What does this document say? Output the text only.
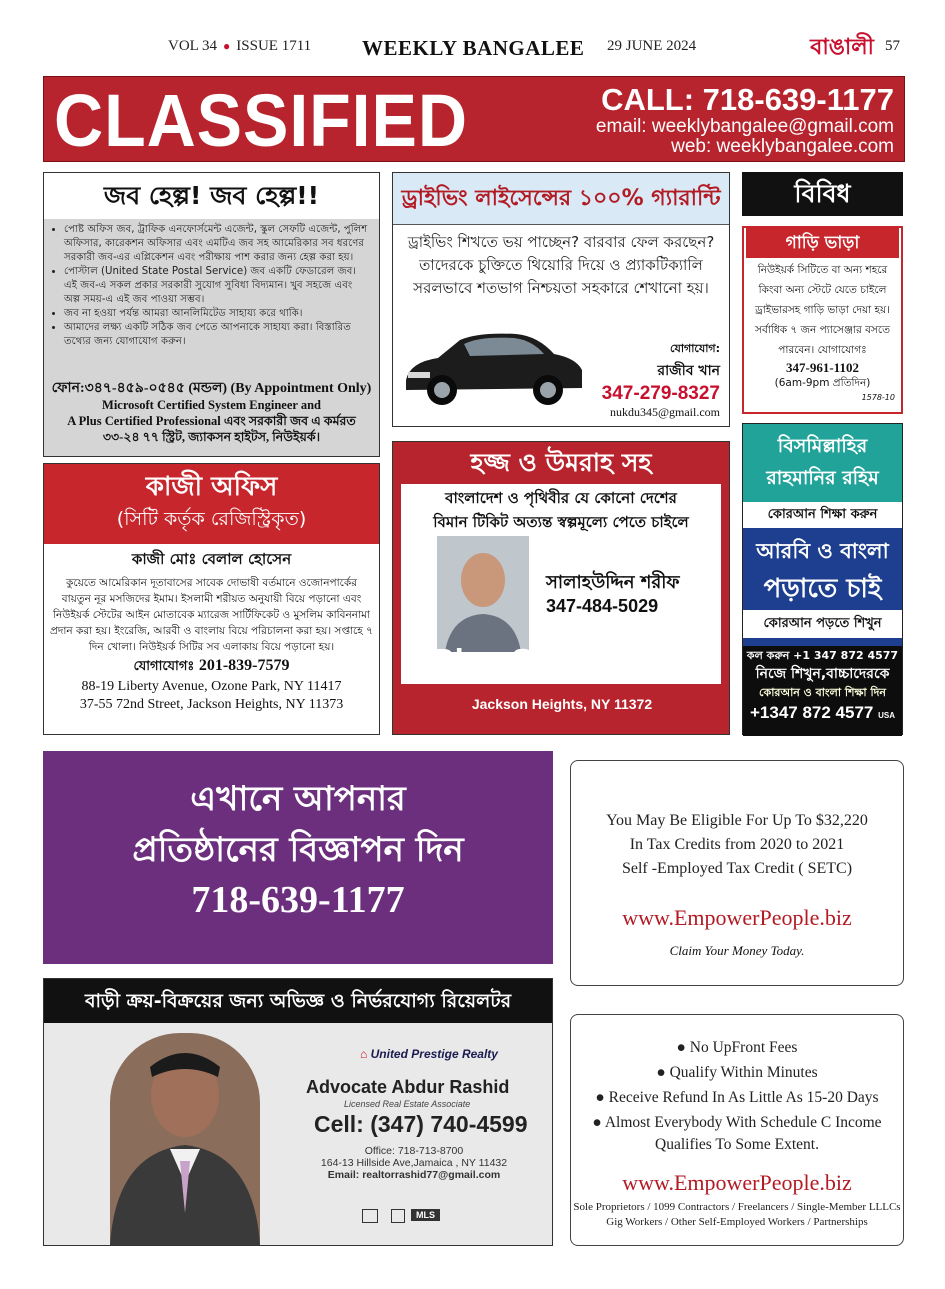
VOL 34 ● ISSUE 1711 WEEKLY BANGALEE 29 JUNE 2024	বাঙালী 57
CLASSIFIED	CALL: 718-639-1177
email: weeklybangalee@gmail.com
web: weeklybangalee.com
জব হেল্প! জব হেল্প!!
• পোষ্ট অফিস জব, ট্রাফিক এনফোর্সমেন্ট এজেন্ট, স্কুল সেফটি এজেন্ট, পুলিশ অফিসার, কারেকশন অফিসার এবং এমটিএ জব সহ আমেরিকার সব ধরণের সরকারী জব-এর এপ্লিকেশন এবং পরীক্ষায় পাশ করার জন্য হেল্প করা হয়।
• পোস্টাল (United State Postal Service) জব একটি ফেডারেল জব। এই জব-এ সকল প্রকার সরকারী সুযোগ সুবিধা বিদ্যমান। খুব সহজে এবং অল্প সময়-এ এই জব পাওয়া সম্ভব।
• জব না হওয়া পর্যন্ত আমরা আনলিমিটেড সাহায্য করে থাকি।
• আমাদের লক্ষ্য একটি সঠিক জব পেতে আপনাকে সাহায্য করা। বিস্তারিত তথ্যের জন্য যোগাযোগ করুন।
ফোন:৩৪৭-৪৫৯-০৫৪৫ (মন্ডল) (By Appointment Only)
Microsoft Certified System Engineer and
A Plus Certified Professional এবং সরকারী জব এ কর্মরত
৩৩-২৪ ৭৭ স্ট্রিট, জ্যাকসন হাইটস, নিউইয়র্ক।
কাজী অফিস
(সিটি কর্তৃক রেজিস্ট্রিকৃত)
কাজী মোঃ বেলাল হোসেন
কুয়েতে আমেরিকান দূতাবাসের সাবেক দোভাষী বর্তমানে ওজোনপার্কের বায়তুন নূর মসজিদের ইমাম। ইসলামী শরীয়ত অনুযায়ী বিয়ে পড়ানো এবং নিউইয়র্ক স্টেটের আইন মোতাবেক ম্যারেজ সার্টিফিকেট ও মুসলিম কাবিননামা প্রদান করা হয়। ইংরেজি, আরবী ও বাংলায় বিয়ে পরিচালনা করা হয়। সপ্তাহে ৭ দিন খোলা। নিউইয়র্ক সিটির সব এলাকায় বিয়ে পড়ানো হয়।
যোগাযোগঃ 201-839-7579
88-19 Liberty Avenue, Ozone Park, NY 11417
37-55 72nd Street, Jackson Heights, NY 11373
ড্রাইভিং লাইসেন্সের ১০০% গ্যারান্টি
ড্রাইভিং শিখতে ভয় পাচ্ছেন? বারবার ফেল করছেন? তাদেরকে চুক্তিতে থিয়োরি দিয়ে ও প্র্যাকটিক্যালি সরলভাবে শতভাগ নিশ্চয়তা সহকারে শেখানো হয়।
যোগাযোগ:
রাজীব খান
347-279-8327
nukdu345@gmail.com
হজ্জ ও উমরাহ সহ
বাংলাদেশ ও পৃথিবীর যে কোনো দেশের
বিমান টিকিট অত্যন্ত স্বল্পমূল্যে পেতে চাইলে
সালাহউদ্দিন শরীফ
347-484-5029
Blue Sky Travels
Jackson Heights, NY 11372
বিবিধ
গাড়ি ভাড়া
নিউইয়র্ক সিটিতে বা অন্য শহরে কিংবা অন্য স্টেটে যেতে চাইলে ড্রাইভারসহ গাড়ি ভাড়া দেয়া হয়। সর্বাধিক ৭ জন প্যাসেঞ্জার বসতে পারবেন। যোগাযোগঃ
347-961-1102
(6am-9pm প্রতিদিন)
1578-10
বিসমিল্লাহির রাহমানির রহিম
কোরআন শিক্ষা করুন
আরবি ও বাংলা
পড়াতে চাই
কোরআন পড়তে শিখুন
কল করুন +1 347 872 4577
নিজে শিখুন,বাচ্চাদেরকে
কোরআন ও বাংলা শিক্ষা দিন
+1347 872 4577 USA
এখানে আপনার
প্রতিষ্ঠানের বিজ্ঞাপন দিন
718-639-1177
You May Be Eligible For Up To $32,220
In Tax Credits from 2020 to 2021
Self -Employed Tax Credit ( SETC)
www.EmpowerPeople.biz
Claim Your Money Today.
বাড়ী ক্রয়-বিক্রয়ের জন্য অভিজ্ঞ ও নির্ভরযোগ্য রিয়েলটর
⌂ United Prestige Realty
Advocate Abdur Rashid
Licensed Real Estate Associate
Cell: (347) 740-4599
Office: 718-713-8700
164-13 Hillside Ave,Jamaica , NY 11432
Email: realtorrashid77@gmail.com
MLS
● No UpFront Fees
● Qualify Within Minutes
● Receive Refund In As Little As 15-20 Days
● Almost Everybody With Schedule C Income Qualifies To Some Extent.
www.EmpowerPeople.biz
Sole Proprietors / 1099 Contractors / Freelancers / Single-Member LLLCs
Gig Workers / Other Self-Employed Workers / Partnerships
